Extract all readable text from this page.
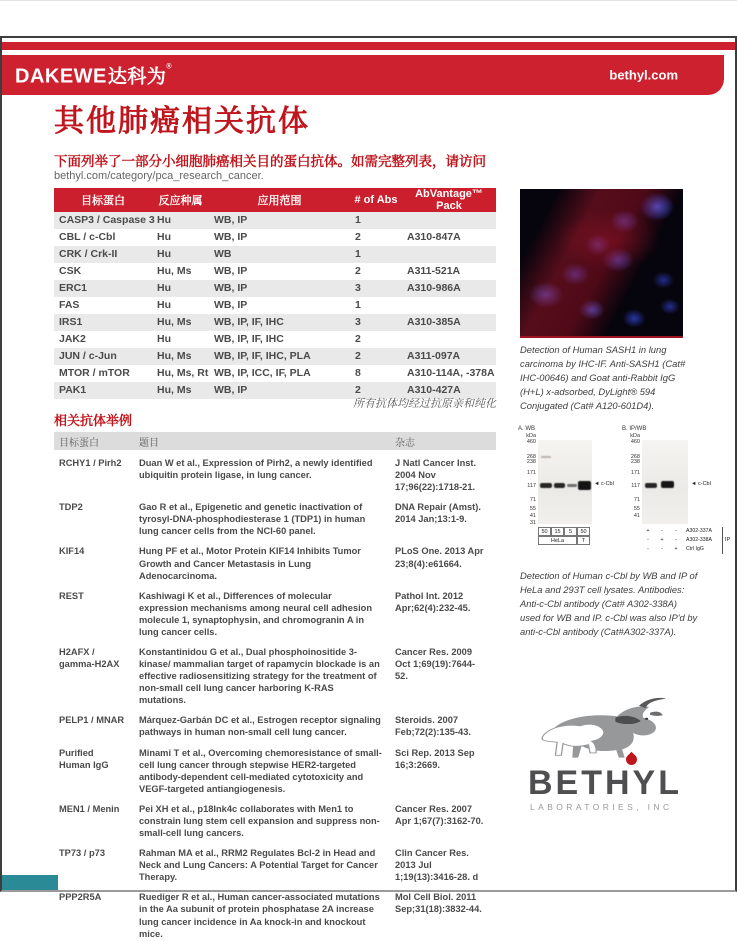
DAKEWE达科为®
bethyl.com
其他肺癌相关抗体
下面列举了一部分小细胞肺癌相关目的蛋白抗体。如需完整列表，请访问
bethyl.com/category/pca_research_cancer.
目标蛋白	反应种属	应用范围	# of Abs	AbVantage™ Pack
CASP3 / Caspase 3	Hu	WB, IP	1	
CBL / c-Cbl	Hu	WB, IP	2	A310-847A
CRK / Crk-II	Hu	WB	1	
CSK	Hu, Ms	WB, IP	2	A311-521A
ERC1	Hu	WB, IP	3	A310-986A
FAS	Hu	WB, IP	1	
IRS1	Hu, Ms	WB, IP, IF, IHC	3	A310-385A
JAK2	Hu	WB, IP, IF, IHC	2	
JUN / c-Jun	Hu, Ms	WB, IP, IF, IHC, PLA	2	A311-097A
MTOR / mTOR	Hu, Ms, Rt	WB, IP, ICC, IF, PLA	8	A310-114A, -378A
PAK1	Hu, Ms	WB, IP	2	A310-427A
所有抗体均经过抗原亲和纯化
相关抗体举例
目标蛋白	题目	杂志
RCHY1 / Pirh2	Duan W et al., Expression of Pirh2, a newly identified ubiquitin protein ligase, in lung cancer.	J Natl Cancer Inst. 2004 Nov 17;96(22):1718-21.
TDP2	Gao R et al., Epigenetic and genetic inactivation of tyrosyl-DNA-phosphodiesterase 1 (TDP1) in human lung cancer cells from the NCI-60 panel.	DNA Repair (Amst). 2014 Jan;13:1-9.
KIF14	Hung PF et al., Motor Protein KIF14 Inhibits Tumor Growth and Cancer Metastasis in Lung Adenocarcinoma.	PLoS One. 2013 Apr 23;8(4):e61664.
REST	Kashiwagi K et al., Differences of molecular expression mechanisms among neural cell adhesion molecule 1, synaptophysin, and chromogranin A in lung cancer cells.	Pathol Int. 2012 Apr;62(4):232-45.
H2AFX / gamma-H2AX	Konstantinidou G et al., Dual phosphoinositide 3-kinase/ mammalian target of rapamycin blockade is an effective radiosensitizing strategy for the treatment of non-small cell lung cancer harboring K-RAS mutations.	Cancer Res. 2009 Oct 1;69(19):7644-52.
PELP1 / MNAR	Márquez-Garbán DC et al., Estrogen receptor signaling pathways in human non-small cell lung cancer.	Steroids. 2007 Feb;72(2):135-43.
Purified Human IgG	Minami T et al., Overcoming chemoresistance of small-cell lung cancer through stepwise HER2-targeted antibody-dependent cell-mediated cytotoxicity and VEGF-targeted antiangiogenesis.	Sci Rep. 2013 Sep 16;3:2669.
MEN1 / Menin	Pei XH et al., p18Ink4c collaborates with Men1 to constrain lung stem cell expansion and suppress non-small-cell lung cancers.	Cancer Res. 2007 Apr 1;67(7):3162-70.
TP73 / p73	Rahman MA et al., RRM2 Regulates Bcl-2 in Head and Neck and Lung Cancers: A Potential Target for Cancer Therapy.	Clin Cancer Res. 2013 Jul 1;19(13):3416-28. d
PPP2R5A	Ruediger R et al., Human cancer-associated mutations in the Aa subunit of protein phosphatase 2A increase lung cancer incidence in Aa knock-in and knockout mice.	Mol Cell Biol. 2011 Sep;31(18):3832-44.
Detection of Human SASH1 in lung carcinoma by IHC-IF. Anti-SASH1 (Cat# IHC-00646) and Goat anti-Rabbit IgG (H+L) x-adsorbed, DyLight® 594 Conjugated (Cat# A120-601D4).
A. WB
kDa
◄ c-Cbl
460
268
238
171
117
71
55
41
31
50	15	5	50
HeLa	T
B. IP/WB
kDa
◄ c-Cbl
IP
460
268
238
171
117
71
55
41
+	-	-	A302-337A
-	+	-	A302-338A
-	-	+	Ctrl IgG
Detection of Human c-Cbl by WB and IP of HeLa and 293T cell lysates. Antibodies: Anti-c-Cbl antibody (Cat# A302-338A) used for WB and IP. c-Cbl was also IP'd by anti-c-Cbl antibody (Cat#A302-337A).
BETHYL
LABORATORIES, INC
